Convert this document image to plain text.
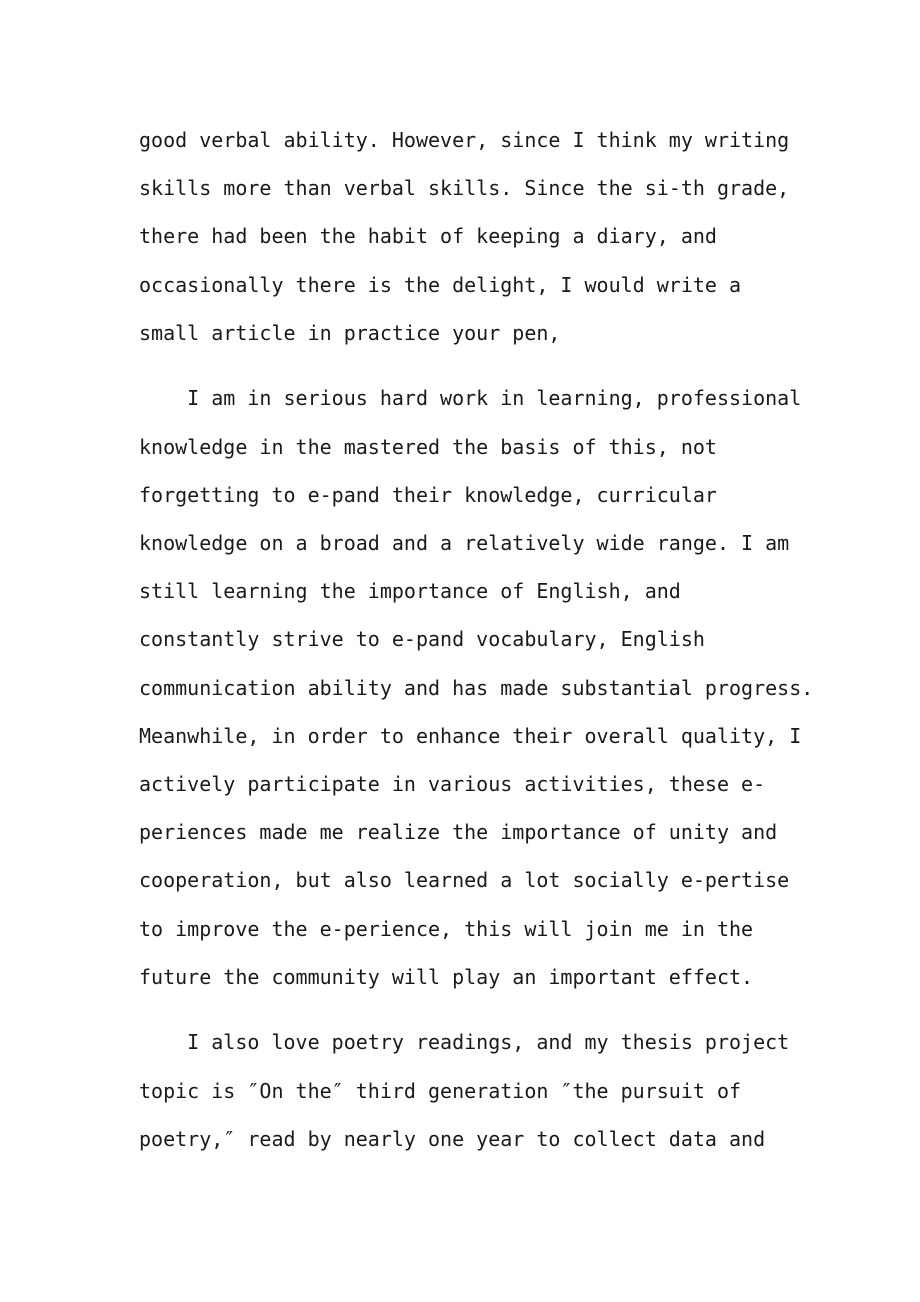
good verbal ability. However, since I think my writing
skills more than verbal skills. Since the si-th grade,
there had been the habit of keeping a diary, and
occasionally there is the delight, I would write a
small article in practice your pen,
I am in serious hard work in learning, professional
knowledge in the mastered the basis of this, not
forgetting to e-pand their knowledge, curricular
knowledge on a broad and a relatively wide range. I am
still learning the importance of English, and
constantly strive to e-pand vocabulary, English
communication ability and has made substantial progress.
Meanwhile, in order to enhance their overall quality, I
actively participate in various activities, these e-
periences made me realize the importance of unity and
cooperation, but also learned a lot socially e-pertise
to improve the e-perience, this will join me in the
future the community will play an important effect.
I also love poetry readings, and my thesis project
topic is ″On the″ third generation ″the pursuit of
poetry,″ read by nearly one year to collect data and
